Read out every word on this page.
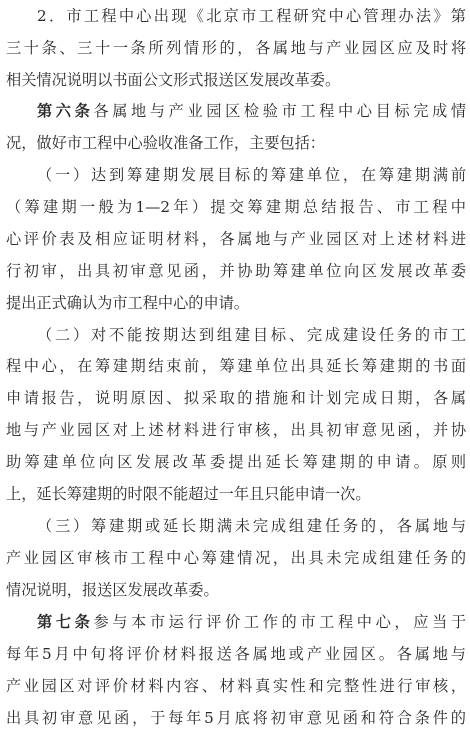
2．市工程中心出现《北京市工程研究中心管理办法》第
三十条、三十一条所列情形的，各属地与产业园区应及时将
相关情况说明以书面公文形式报送区发展改革委。
第六条各属地与产业园区检验市工程中心目标完成情
况，做好市工程中心验收准备工作，主要包括：
（一）达到筹建期发展目标的筹建单位，在筹建期满前
（筹建期一般为1—2年）提交筹建期总结报告、市工程中
心评价表及相应证明材料，各属地与产业园区对上述材料进
行初审，出具初审意见函，并协助筹建单位向区发展改革委
提出正式确认为市工程中心的申请。
（二）对不能按期达到组建目标、完成建设任务的市工
程中心，在筹建期结束前，筹建单位出具延长筹建期的书面
申请报告，说明原因、拟采取的措施和计划完成日期，各属
地与产业园区对上述材料进行审核，出具初审意见函，并协
助筹建单位向区发展改革委提出延长筹建期的申请。原则
上，延长筹建期的时限不能超过一年且只能申请一次。
（三）筹建期或延长期满未完成组建任务的，各属地与
产业园区审核市工程中心筹建情况，出具未完成组建任务的
情况说明，报送区发展改革委。
第七条参与本市运行评价工作的市工程中心，应当于
每年5月中旬将评价材料报送各属地或产业园区。各属地与
产业园区对评价材料内容、材料真实性和完整性进行审核，
出具初审意见函，于每年5月底将初审意见函和符合条件的
